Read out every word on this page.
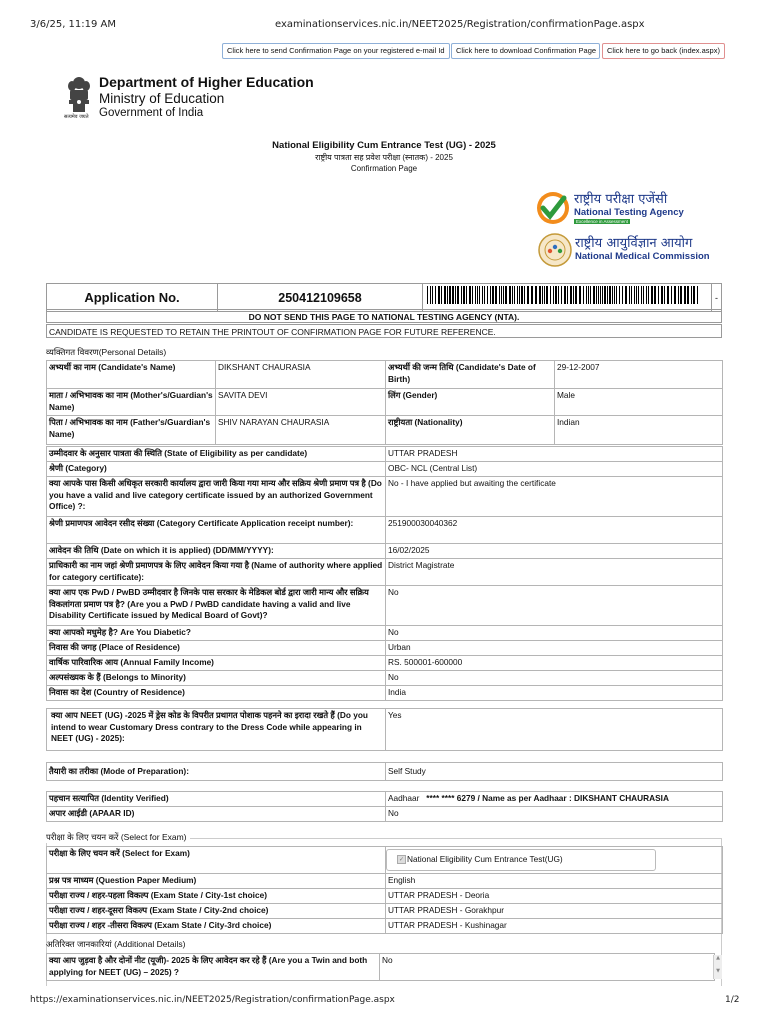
3/6/25, 11:19 AM	examinationservices.nic.in/NEET2025/Registration/confirmationPage.aspx
Click here to send Confirmation Page on your registered e-mail Id	Click here to download Confirmation Page	Click here to go back (index.aspx)
सत्यमेव जयते
Department of Higher Education
Ministry of Education
Government of India
National Eligibility Cum Entrance Test (UG) - 2025
राष्ट्रीय पात्रता सह प्रवेश परीक्षा (स्नातक) - 2025
Confirmation Page
राष्ट्रीय परीक्षा एजेंसी
National Testing Agency
Excellence in Assessment
राष्ट्रीय आयुर्विज्ञान आयोग
National Medical Commission
Application No.	250412109658		-
DO NOT SEND THIS PAGE TO NATIONAL TESTING AGENCY (NTA).
CANDIDATE IS REQUESTED TO RETAIN THE PRINTOUT OF CONFIRMATION PAGE FOR FUTURE REFERENCE.
व्यक्तिगत विवरण(Personal Details)
अभ्यर्थी का नाम (Candidate's Name)	DIKSHANT CHAURASIA	अभ्यर्थी की जन्म तिथि (Candidate's Date of Birth)	29-12-2007
माता / अभिभावक का नाम (Mother's/Guardian's Name)	SAVITA DEVI	लिंग (Gender)	Male
पिता / अभिभावक का नाम (Father's/Guardian's Name)	SHIV NARAYAN CHAURASIA	राष्ट्रीयता (Nationality)	Indian
उम्मीदवार के अनुसार पात्रता की स्थिति (State of Eligibility as per candidate)	UTTAR PRADESH
श्रेणी (Category)	OBC- NCL (Central List)
क्या आपके पास किसी अधिकृत सरकारी कार्यालय द्वारा जारी किया गया मान्य और सक्रिय श्रेणी प्रमाण पत्र है (Do you have a valid and live category certificate issued by an authorized Government Office) ?:	No - I have applied but awaiting the certificate
श्रेणी प्रमाणपत्र आवेदन रसीद संख्या (Category Certificate Application receipt number):	251900030040362
आवेदन की तिथि (Date on which it is applied) (DD/MM/YYYY):	16/02/2025
प्राधिकारी का नाम जहां श्रेणी प्रमाणपत्र के लिए आवेदन किया गया है (Name of authority where applied for category certificate):	District Magistrate
क्या आप एक PwD / PwBD उम्मीदवार है जिनके पास सरकार के मेडिकल बोर्ड द्वारा जारी मान्य और सक्रिय विकलांगता प्रमाण पत्र है? (Are you a PwD / PwBD candidate having a valid and live Disability Certificate issued by Medical Board of Govt)?	No
क्या आपको मधुमेह है? Are You Diabetic?	No
निवास की जगह (Place of Residence)	Urban
वार्षिक पारिवारिक आय (Annual Family Income)	RS. 500001-600000
अल्पसंख्यक के हैं (Belongs to Minority)	No
निवास का देश (Country of Residence)	India
क्या आप NEET (UG) -2025 में ड्रेस कोड के विपरीत प्रथागत पोशाक पहनने का इरादा रखते हैं (Do you intend to wear Customary Dress contrary to the Dress Code while appearing in NEET (UG) - 2025):	Yes
तैयारी का तरीका (Mode of Preparation):	Self Study
पहचान सत्यापित (Identity Verified)	Aadhaar **** **** 6279 / Name as per Aadhaar : DIKSHANT CHAURASIA
अपार आईडी (APAAR ID)	No
परीक्षा के लिए चयन करें (Select for Exam)
परीक्षा के लिए चयन करें (Select for Exam)	
✓ National Eligibility Cum Entrance Test(UG)
प्रश्न पत्र माध्यम (Question Paper Medium)	English
परीक्षा राज्य / शहर-पहला विकल्प (Exam State / City-1st choice)	UTTAR PRADESH - Deoria
परीक्षा राज्य / शहर-दूसरा विकल्प (Exam State / City-2nd choice)	UTTAR PRADESH - Gorakhpur
परीक्षा राज्य / शहर -तीसरा विकल्प (Exam State / City-3rd choice)	UTTAR PRADESH - Kushinagar
अतिरिक्त जानकारियां (Additional Details)
क्या आप जुड़वा है और दोनों नीट (यूजी)- 2025 के लिए आवेदन कर रहे हैं (Are you a Twin and both applying for NEET (UG) – 2025) ?	No	▲
▼
https://examinationservices.nic.in/NEET2025/Registration/confirmationPage.aspx	1/2
